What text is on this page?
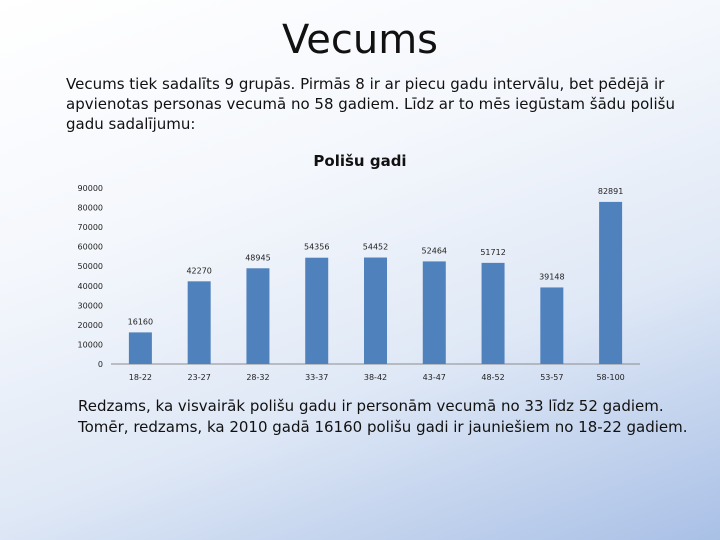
Vecums
Vecums tiek sadalīts 9 grupās. Pirmās 8 ir ar piecu gadu intervālu, bet pēdējā ir apvienotas personas vecumā no 58 gadiem. Līdz ar to mēs iegūstam šādu polišu gadu sadalījumu:
Polišu gadi
0
10000
20000
30000
40000
50000
60000
70000
80000
90000
16160
18-22
42270
23-27
48945
28-32
54356
33-37
54452
38-42
52464
43-47
51712
48-52
39148
53-57
82891
58-100
Redzams, ka visvairāk polišu gadu ir personām vecumā no 33 līdz 52 gadiem. Tomēr, redzams, ka 2010 gadā 16160 polišu gadi ir jauniešiem no 18-22 gadiem.
